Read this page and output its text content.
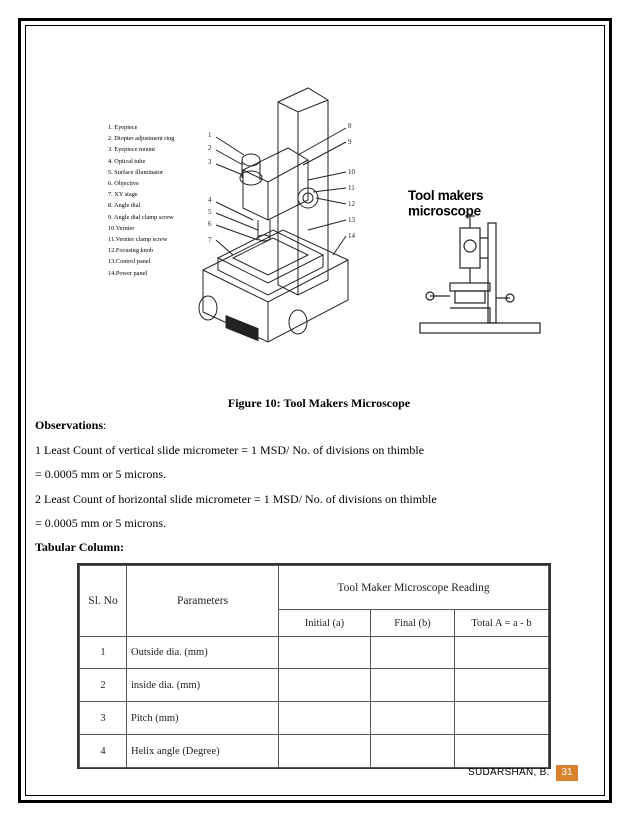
1. Eyepiece
2. Diopter adjustment ring
3. Eyepiece mount
4. Optical tube
5. Surface illuminator
6. Objective
7. XY stage
8. Angle dial
9. Angle dial clamp screw
10.Vernier
11.Vernier clamp screw
12.Focusing knob
13.Control panel
14.Power panel
1
2
3
4
5
6
7
8
9
10
11
12
13
14
Tool makers microscope
Figure 10: Tool Makers Microscope
Observations:
1 Least Count of vertical slide micrometer = 1 MSD/ No. of divisions on thimble
= 0.0005 mm or 5 microns.
2 Least Count of horizontal slide micrometer = 1 MSD/ No. of divisions on thimble
= 0.0005 mm or 5 microns.
Tabular Column:
Sl. No	Parameters	Tool Maker Microscope Reading		
		Initial (a)	Final (b)	Total A = a - b
1	Outside dia. (mm)			
2	inside dia. (mm)			
3	Pitch (mm)			
4	Helix angle (Degree)			
SUDARSHAN, B.	31
